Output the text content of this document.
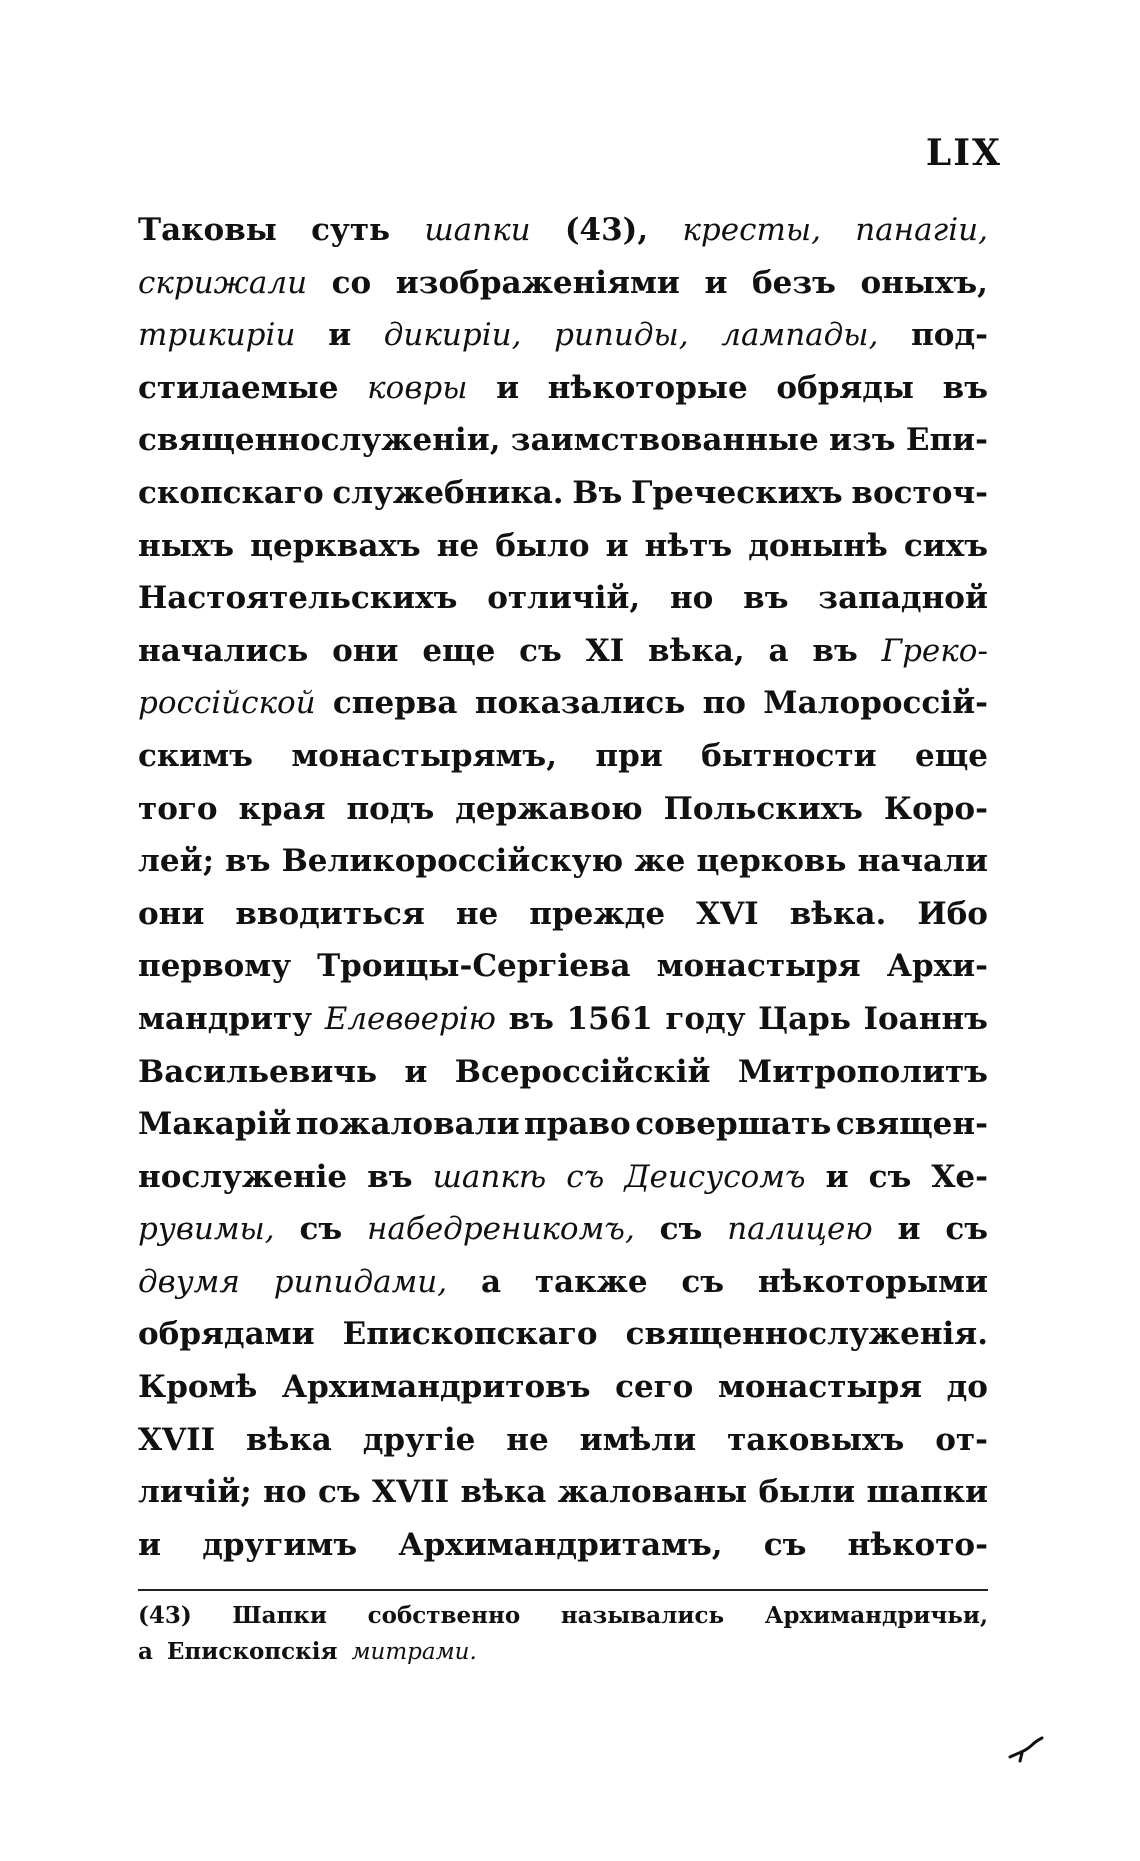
LIX
Таковы суть шапки (43), кресты, панагіи,
скрижали со изображеніями и безъ оныхъ,
трикиріи и дикиріи, рипиды, лампады, под-
стилаемые ковры и нѣкоторые обряды въ
священнослуженіи, заимствованные изъ Епи-
скопскаго служебника. Въ Греческихъ восточ-
ныхъ церквахъ не было и нѣтъ донынѣ сихъ
Настоятельскихъ отличій, но въ западной
начались они еще съ XI вѣка, а въ Греко-
россійской сперва показались по Малороссій-
скимъ монастырямъ, при бытности еще
того края подъ державою Польскихъ Коро-
лей; въ Великороссійскую же церковь начали
они вводиться не прежде XVI вѣка. Ибо
первому Троицы-Сергіева монастыря Архи-
мандриту Елевѳерію въ 1561 году Царь Іоаннъ
Васильевичь и Всероссійскій Митрополитъ
Макарій пожаловали право совершать священ-
нослуженіе въ шапкѣ съ Деисусомъ и съ Хе-
рувимы, съ набедреникомъ, съ палицею и съ
двумя рипидами, а также съ нѣкоторыми
обрядами Епископскаго священнослуженія.
Кромѣ Архимандритовъ сего монастыря до
XVII вѣка другіе не имѣли таковыхъ от-
личій; но съ XVII вѣка жалованы были шапки
и другимъ Архимандритамъ, съ нѣкото-
(43) Шапки собственно назывались Архимандричьи,
а Епископскія митрами.
